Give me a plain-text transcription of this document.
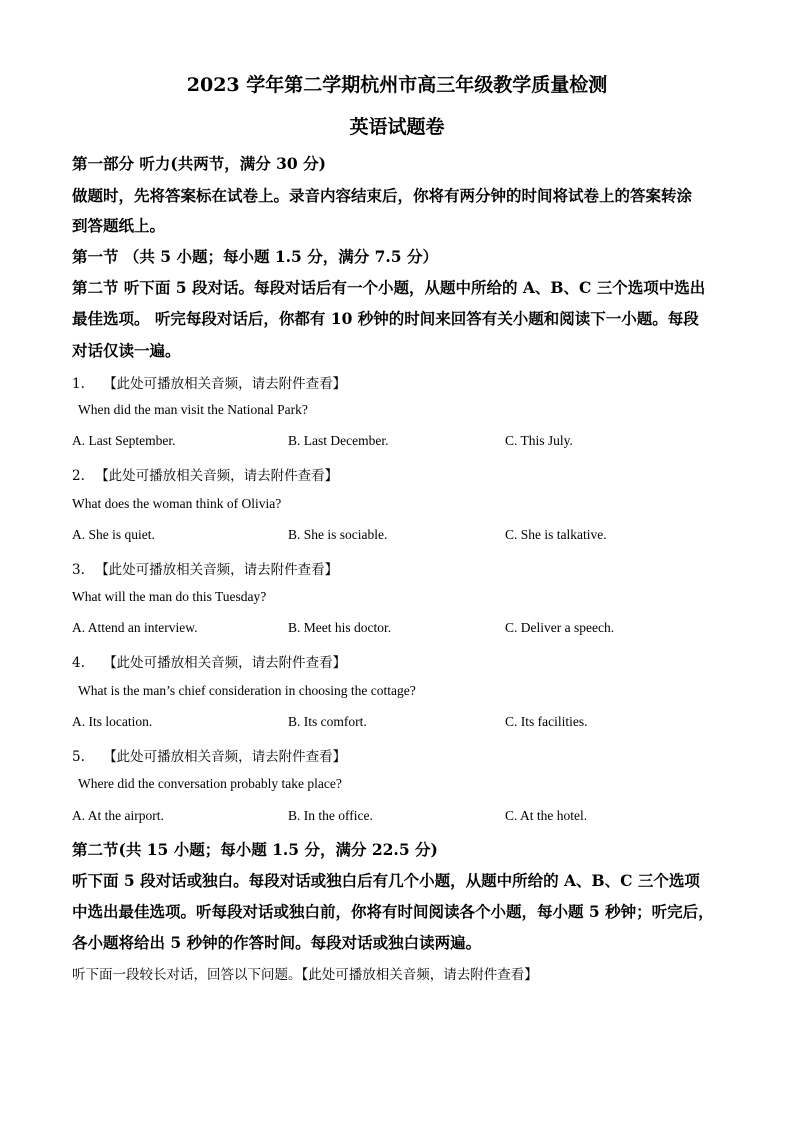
2023 学年第二学期杭州市高三年级教学质量检测
英语试题卷
第一部分 听力(共两节，满分 30 分)
做题时，先将答案标在试卷上。录音内容结束后，你将有两分钟的时间将试卷上的答案转涂
到答题纸上。
第一节 （共 5 小题；每小题 1.5 分，满分 7.5 分）
第二节 听下面 5 段对话。每段对话后有一个小题，从题中所给的 A、B、C 三个选项中选出
最佳选项。 听完每段对话后，你都有 10 秒钟的时间来回答有关小题和阅读下一小题。每段
对话仅读一遍。
1. 【此处可播放相关音频，请去附件查看】
When did the man visit the National Park?
A. Last September.	B. Last December.	C. This July.
2. 【此处可播放相关音频，请去附件查看】
What does the woman think of Olivia?
A. She is quiet.	B. She is sociable.	C. She is talkative.
3. 【此处可播放相关音频，请去附件查看】
What will the man do this Tuesday?
A. Attend an interview.	B. Meet his doctor.	C. Deliver a speech.
4. 【此处可播放相关音频，请去附件查看】
What is the man’s chief consideration in choosing the cottage?
A. Its location.	B. Its comfort.	C. Its facilities.
5. 【此处可播放相关音频，请去附件查看】
Where did the conversation probably take place?
A. At the airport.	B. In the office.	C. At the hotel.
第二节(共 15 小题；每小题 1.5 分，满分 22.5 分)
听下面 5 段对话或独白。每段对话或独白后有几个小题，从题中所给的 A、B、C 三个选项
中选出最佳选项。听每段对话或独白前，你将有时间阅读各个小题，每小题 5 秒钟；听完后，
各小题将给出 5 秒钟的作答时间。每段对话或独白读两遍。
听下面一段较长对话，回答以下问题。【此处可播放相关音频，请去附件查看】
